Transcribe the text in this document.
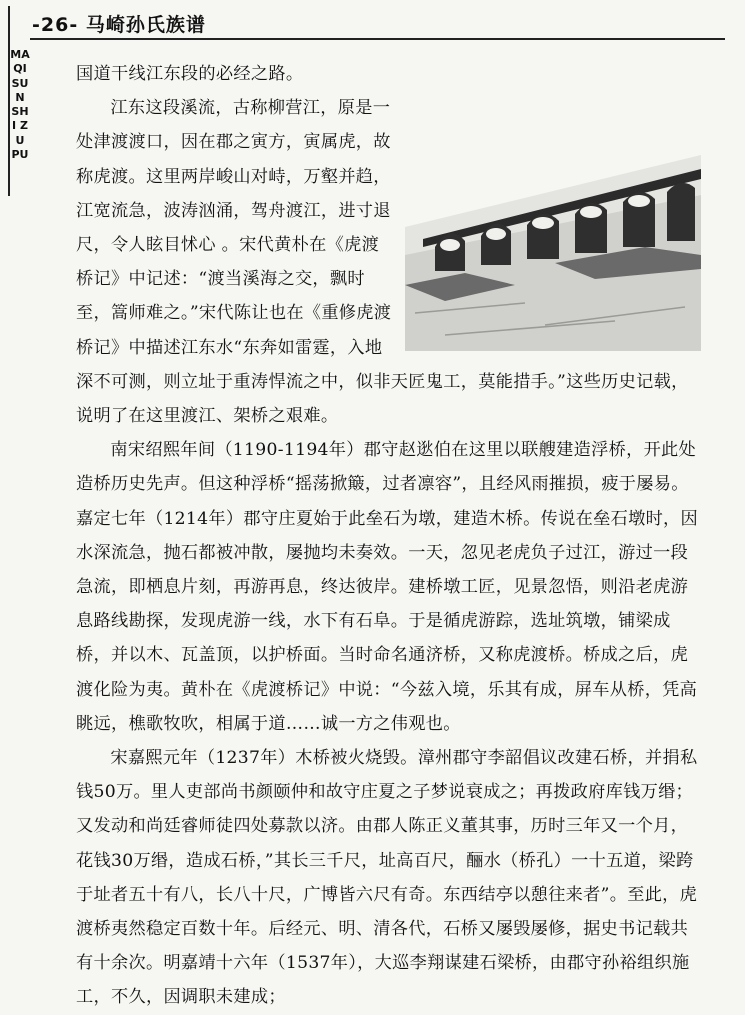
-26- 马崎孙氏族谱
MA QI SUN SHI ZU PU

国道干线江东段的必经之路。

江东这段溪流，古称柳营江，原是一处津渡渡口，因在郡之寅方，寅属虎，故称虎渡。这里两岸峻山对峙，万壑并趋，江宽流急，波涛汹涌，驾舟渡江，进寸退尺，令人眩目怵心 。宋代黄朴在《虎渡桥记》中记述：“渡当溪海之交，飘时至，篙师难之。”宋代陈让也在《重修虎渡桥记》中描述江东水“东奔如雷霆，入地深不可测，则立址于重涛悍流之中，似非天匠鬼工，莫能措手。”这些历史记载，说明了在这里渡江、架桥之艰难。

南宋绍熙年间（1190-1194年）郡守赵逖伯在这里以联艘建造浮桥，开此处造桥历史先声。但这种浮桥“摇荡掀簸，过者凛容”，且经风雨摧损，疲于屡易。嘉定七年（1214年）郡守庄夏始于此垒石为墩，建造木桥。传说在垒石墩时，因水深流急，抛石都被冲散，屡抛均未奏效。一天，忽见老虎负子过江，游过一段急流，即栖息片刻，再游再息，终达彼岸。建桥墩工匠，见景忽悟，则沿老虎游息路线勘探，发现虎游一线，水下有石阜。于是循虎游踪，选址筑墩，铺梁成桥，并以木、瓦盖顶，以护桥面。当时命名通济桥，又称虎渡桥。桥成之后，虎渡化险为夷。黄朴在《虎渡桥记》中说：“今兹入境，乐其有成，屏车从桥，凭高眺远，樵歌牧吹，相属于道……诚一方之伟观也。

宋嘉熙元年（1237年）木桥被火烧毁。漳州郡守李韶倡议改建石桥，并捐私钱50万。里人吏部尚书颜颐仲和故守庄夏之子梦说衰成之；再拨政府库钱万缗；又发动和尚廷睿师徒四处募款以济。由郡人陈正义董其事，历时三年又一个月，花钱30万缗，造成石桥，”其长三千尺，址高百尺，酾水（桥孔）一十五道，梁跨于址者五十有八，长八十尺，广博皆六尺有奇。东西结亭以憩往来者”。至此，虎渡桥夷然稳定百数十年。后经元、明、清各代，石桥又屡毁屡修，据史书记载共有十余次。明嘉靖十六年（1537年），大巡李翔谋建石梁桥，由郡守孙裕组织施工，不久，因调职未建成；
